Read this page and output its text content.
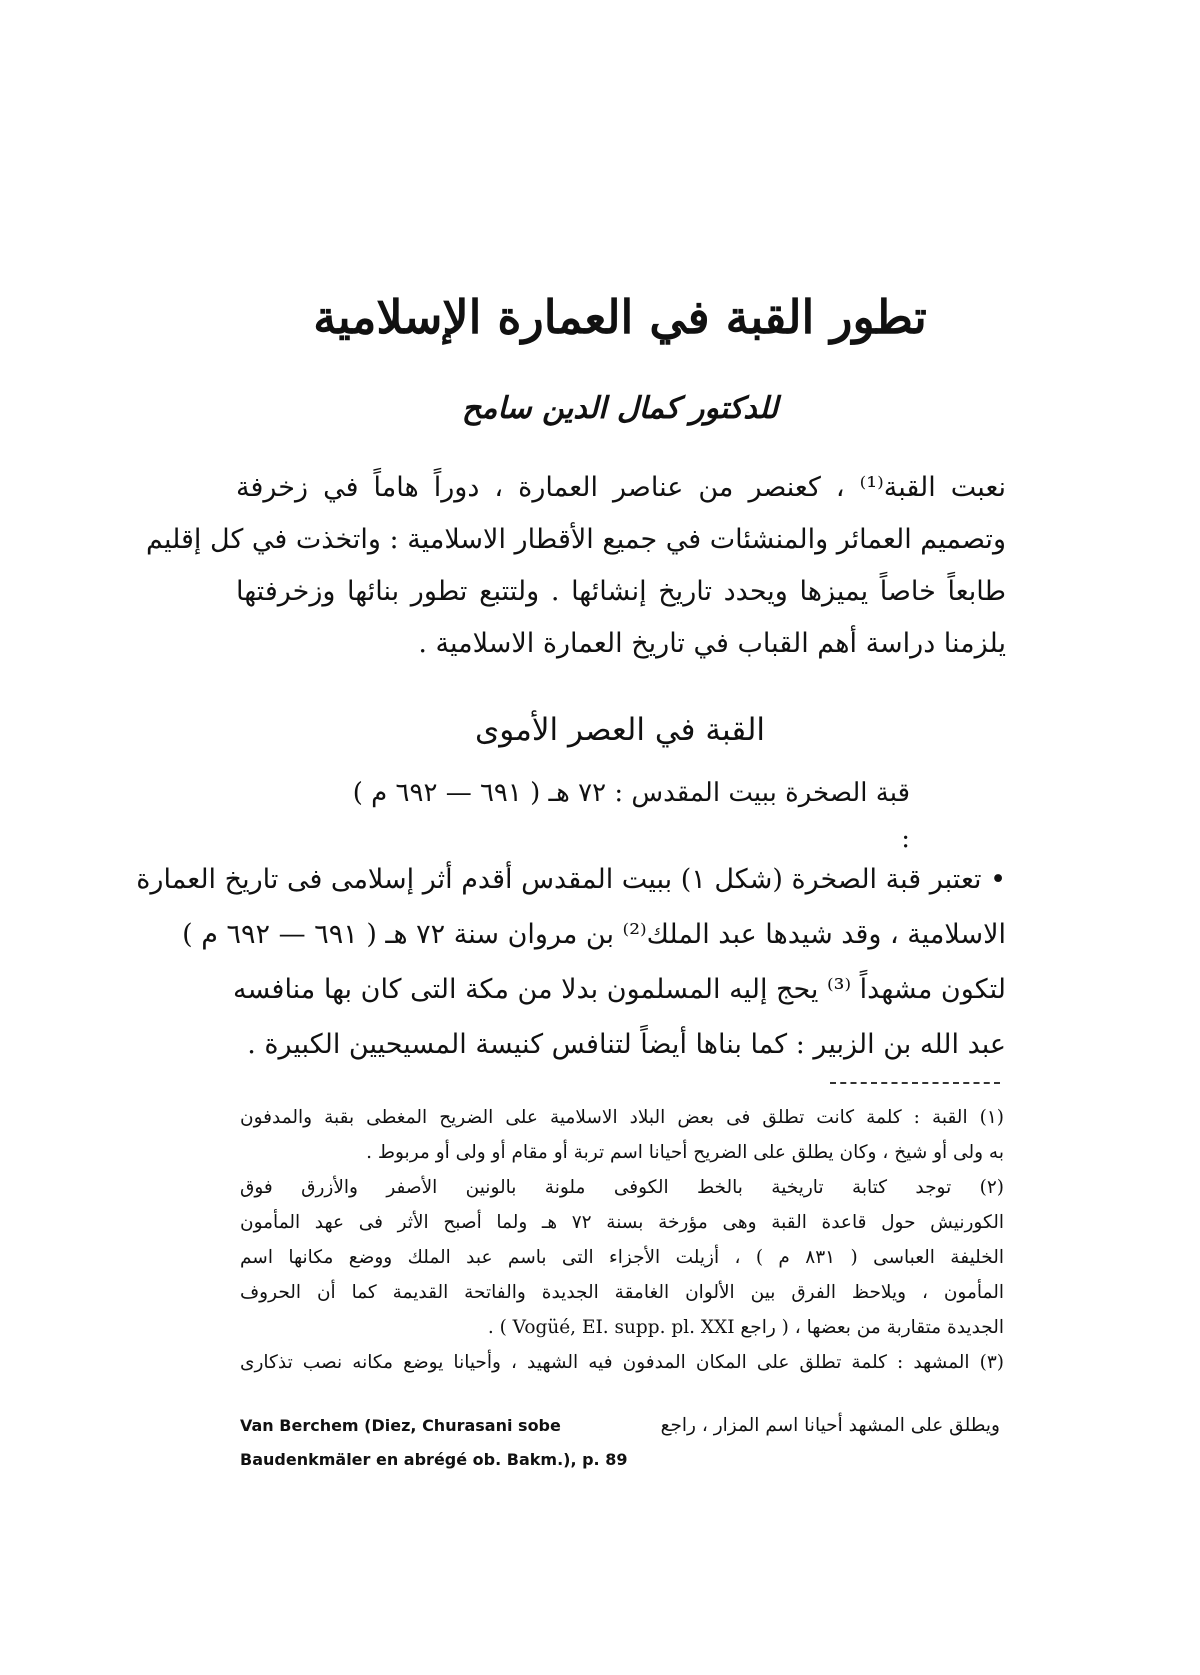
تطور القبة في العمارة الإسلامية

للدكتور كمال الدين سامح

نعبت القبة⁽¹⁾ ، كعنصر من عناصر العمارة ، دوراً هاماً في زخرفة
وتصميم العمائر والمنشئات في جميع الأقطار الاسلامية : واتخذت في كل إقليم
طابعاً خاصاً يميزها ويحدد تاريخ إنشائها . ولتتبع تطور بنائها وزخرفتها
يلزمنا دراسة أهم القباب في تاريخ العمارة الاسلامية .
القبة في العصر الأموى

قبة الصخرة ببيت المقدس : ٧٢ هـ ( ٦٩١ — ٦٩٢ م ) :

• تعتبر قبة الصخرة (شكل ١) ببيت المقدس أقدم أثر إسلامى فى تاريخ العمارة
الاسلامية ، وقد شيدها عبد الملك⁽²⁾ بن مروان سنة ٧٢ هـ ( ٦٩١ — ٦٩٢ م )
لتكون مشهداً ⁽³⁾ يحج إليه المسلمون بدلا من مكة التى كان بها منافسه
عبد الله بن الزبير : كما بناها أيضاً لتنافس كنيسة المسيحيين الكبيرة .
(١) القبة : كلمة كانت تطلق فى بعض البلاد الاسلامية على الضريح المغطى بقبة والمدفون
به ولى أو شيخ ، وكان يطلق على الضريح أحيانا اسم تربة أو مقام أو ولى أو مربوط .
(٢) توجد كتابة تاريخية بالخط الكوفى ملونة بالونين الأصفر والأزرق فوق
الكورنيش حول قاعدة القبة وهى مؤرخة بسنة ٧٢ هـ ولما أصبح الأثر فى عهد المأمون
الخليفة العباسى ( ٨٣١ م ) ، أزيلت الأجزاء التى باسم عبد الملك ووضع مكانها اسم
المأمون ، ويلاحظ الفرق بين الألوان الغامقة الجديدة والفاتحة القديمة كما أن الحروف
الجديدة متقاربة من بعضها ، ( راجع Vogüé, EI. supp. pl. XXI ) .
(٣) المشهد : كلمة تطلق على المكان المدفون فيه الشهيد ، وأحيانا يوضع مكانه نصب تذكارى

ويطلق على المشهد أحيانا اسم المزار ، راجع
Van Berchem (Diez, Churasani sobe

Baudenkmäler en abrégé ob. Bakm.), p. 89
